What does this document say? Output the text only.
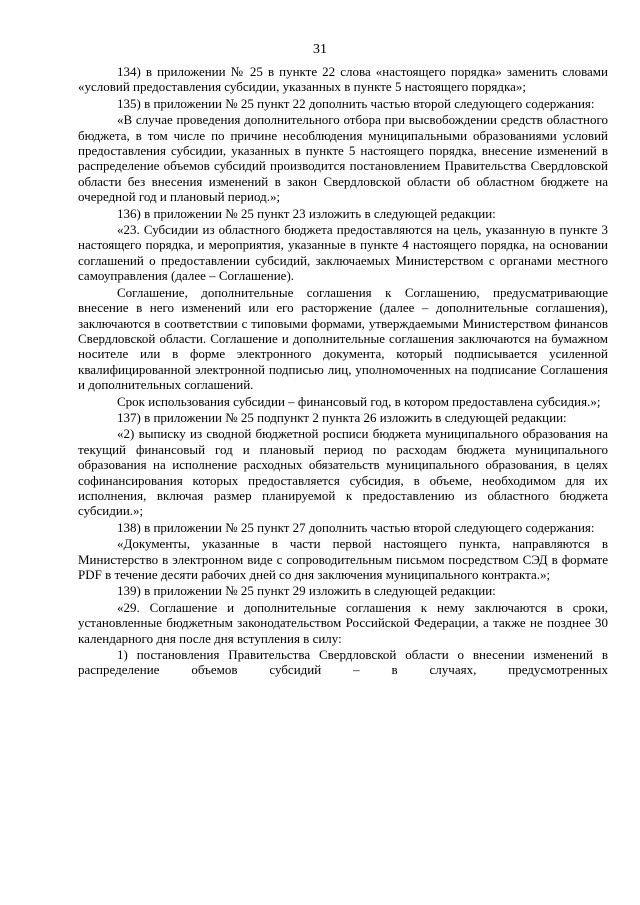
31

134) в приложении № 25 в пункте 22 слова «настоящего порядка» заменить словами «условий предоставления субсидии, указанных в пункте 5 настоящего порядка»;

135) в приложении № 25 пункт 22 дополнить частью второй следующего содержания:

«В случае проведения дополнительного отбора при высвобождении средств областного бюджета, в том числе по причине несоблюдения муниципальными образованиями условий предоставления субсидии, указанных в пункте 5 настоящего порядка, внесение изменений в распределение объемов субсидий производится постановлением Правительства Свердловской области без внесения изменений в закон Свердловской области об областном бюджете на очередной год и плановый период.»;

136) в приложении № 25 пункт 23 изложить в следующей редакции:

«23. Субсидии из областного бюджета предоставляются на цель, указанную в пункте 3 настоящего порядка, и мероприятия, указанные в пункте 4 настоящего порядка, на основании соглашений о предоставлении субсидий, заключаемых Министерством с органами местного самоуправления (далее – Соглашение).

Соглашение, дополнительные соглашения к Соглашению, предусматривающие внесение в него изменений или его расторжение (далее – дополнительные соглашения), заключаются в соответствии с типовыми формами, утверждаемыми Министерством финансов Свердловской области. Соглашение и дополнительные соглашения заключаются на бумажном носителе или в форме электронного документа, который подписывается усиленной квалифицированной электронной подписью лиц, уполномоченных на подписание Соглашения и дополнительных соглашений.

Срок использования субсидии – финансовый год, в котором предоставлена субсидия.»;

137) в приложении № 25 подпункт 2 пункта 26 изложить в следующей редакции:

«2) выписку из сводной бюджетной росписи бюджета муниципального образования на текущий финансовый год и плановый период по расходам бюджета муниципального образования на исполнение расходных обязательств муниципального образования, в целях софинансирования которых предоставляется субсидия, в объеме, необходимом для их исполнения, включая размер планируемой к предоставлению из областного бюджета субсидии.»;

138) в приложении № 25 пункт 27 дополнить частью второй следующего содержания:

«Документы, указанные в части первой настоящего пункта, направляются в Министерство в электронном виде с сопроводительным письмом посредством СЭД в формате PDF в течение десяти рабочих дней со дня заключения муниципального контракта.»;

139) в приложении № 25 пункт 29 изложить в следующей редакции:

«29. Соглашение и дополнительные соглашения к нему заключаются в сроки, установленные бюджетным законодательством Российской Федерации, а также не позднее 30 календарного дня после дня вступления в силу:

1) постановления Правительства Свердловской области о внесении изменений в распределение объемов субсидий – в случаях, предусмотренных
